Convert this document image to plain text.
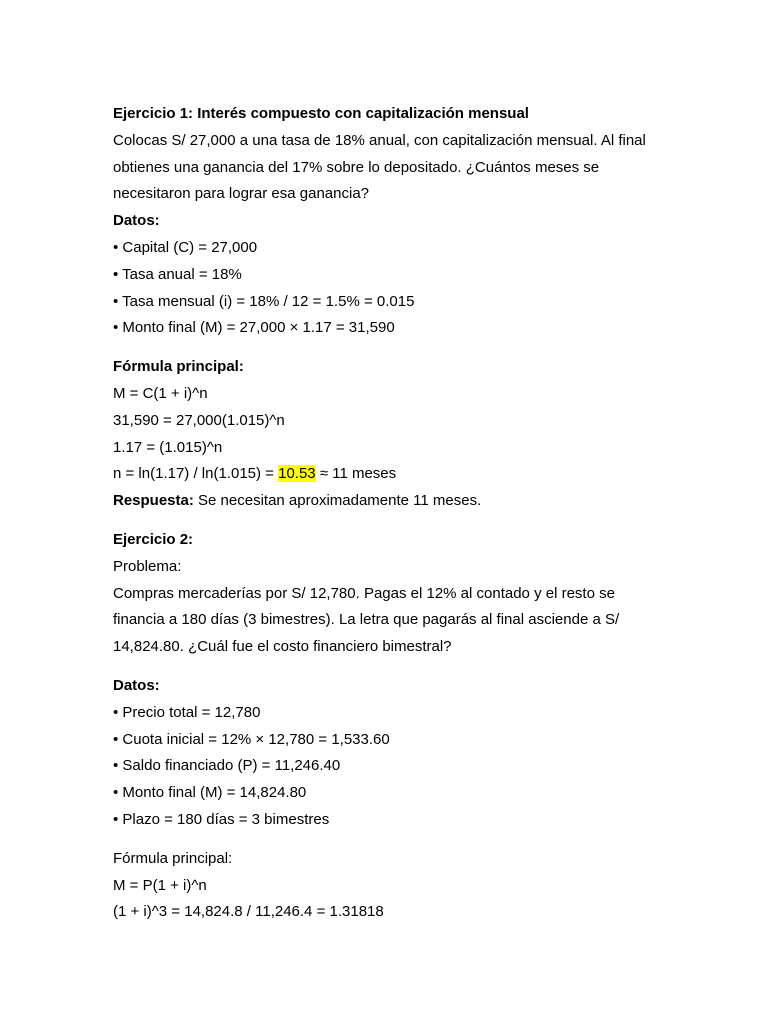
Ejercicio 1: Interés compuesto con capitalización mensual

Colocas S/ 27,000 a una tasa de 18% anual, con capitalización mensual. Al final

obtienes una ganancia del 17% sobre lo depositado. ¿Cuántos meses se

necesitaron para lograr esa ganancia?

Datos:

• Capital (C) = 27,000

• Tasa anual = 18%

• Tasa mensual (i) = 18% / 12 = 1.5% = 0.015

• Monto final (M) = 27,000 × 1.17 = 31,590

Fórmula principal:

M = C(1 + i)^n

31,590 = 27,000(1.015)^n

1.17 = (1.015)^n

n = ln(1.17) / ln(1.015) = 10.53 ≈ 11 meses

Respuesta: Se necesitan aproximadamente 11 meses.

Ejercicio 2:

Problema:

Compras mercaderías por S/ 12,780. Pagas el 12% al contado y el resto se

financia a 180 días (3 bimestres). La letra que pagarás al final asciende a S/

14,824.80. ¿Cuál fue el costo financiero bimestral?

Datos:

• Precio total = 12,780

• Cuota inicial = 12% × 12,780 = 1,533.60

• Saldo financiado (P) = 11,246.40

• Monto final (M) = 14,824.80

• Plazo = 180 días = 3 bimestres

Fórmula principal:

M = P(1 + i)^n

(1 + i)^3 = 14,824.8 / 11,246.4 = 1.31818
